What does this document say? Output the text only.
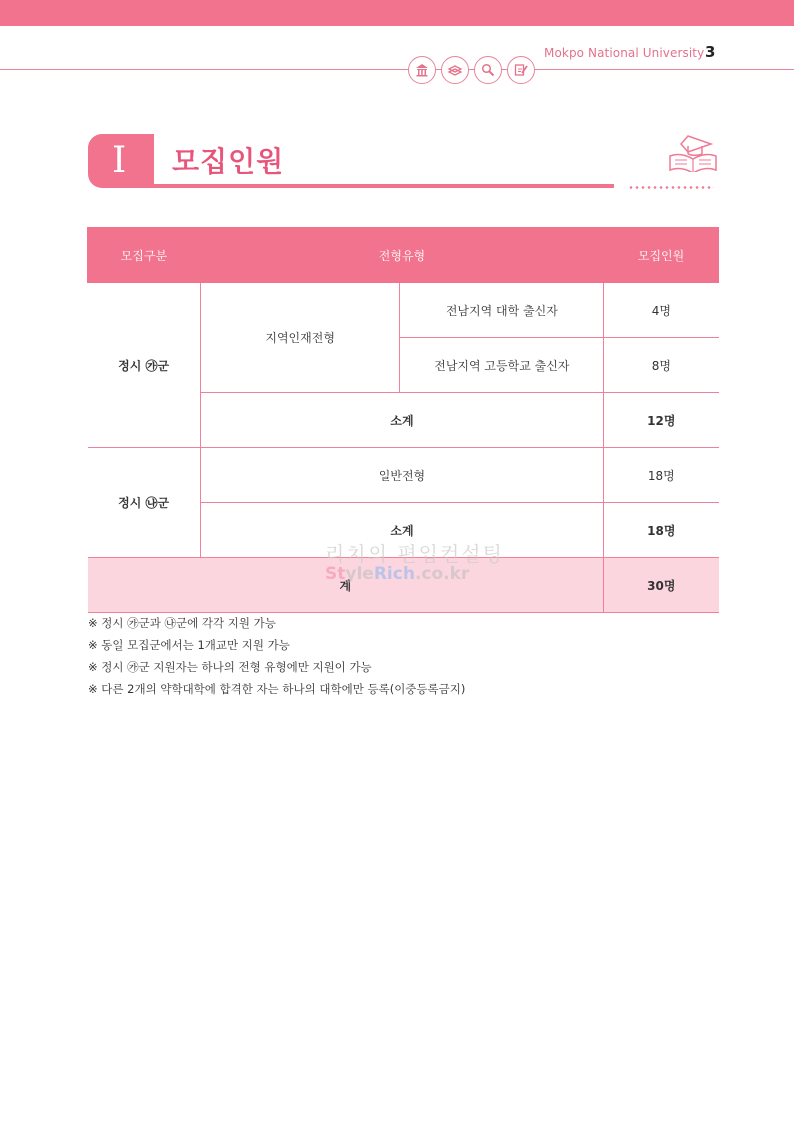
Mokpo National University 3
I 모집인원
모집구분	전형유형		모집인원
정시 ㉮군	지역인재전형	전남지역 대학 출신자	4명
		전남지역 고등학교 출신자	8명
	소계		12명
정시 ㉯군	일반전형		18명
	소계		18명
계			30명
리치의 편입컨설팅
StyleRich.co.kr
※ 정시 ㉮군과 ㉯군에 각각 지원 가능
※ 동일 모집군에서는 1개교만 지원 가능
※ 정시 ㉮군 지원자는 하나의 전형 유형에만 지원이 가능
※ 다른 2개의 약학대학에 합격한 자는 하나의 대학에만 등록(이중등록금지)
